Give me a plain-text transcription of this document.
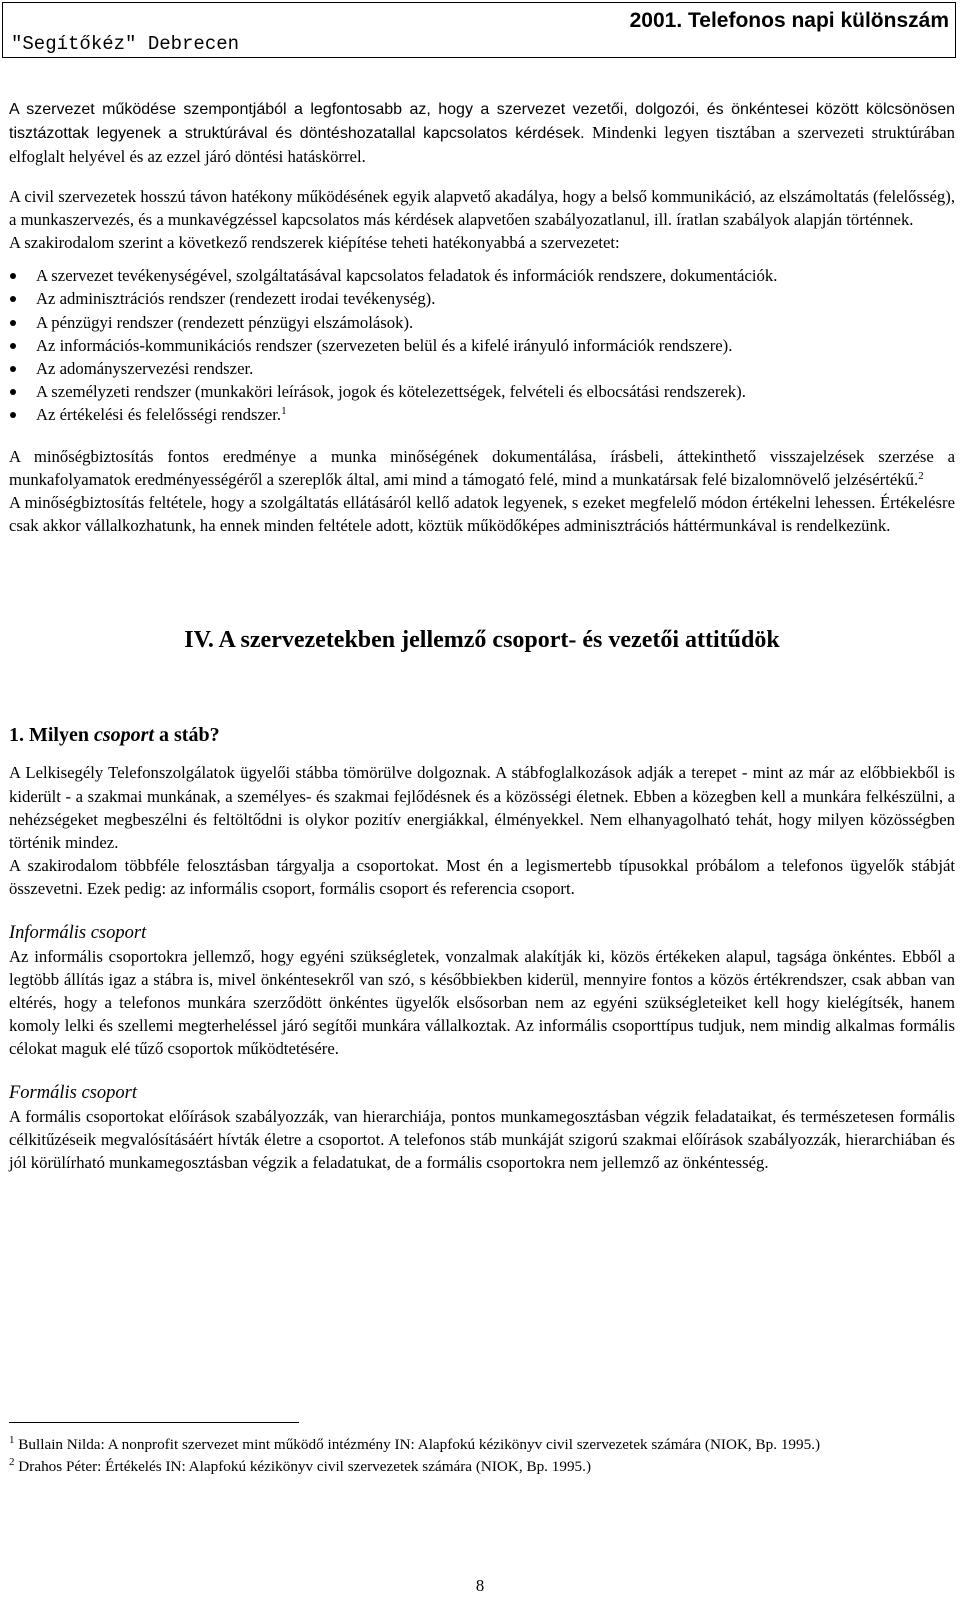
"Segítőkéz" Debrecen
2001. Telefonos napi különszám

A szervezet működése szempontjából a legfontosabb az, hogy a szervezet vezetői, dolgozói, és önkéntesei között kölcsönösen tisztázottak legyenek a struktúrával és döntéshozatallal kapcsolatos kérdések. Mindenki legyen tisztában a szervezeti struktúrában elfoglalt helyével és az ezzel járó döntési hatáskörrel.

A civil szervezetek hosszú távon hatékony működésének egyik alapvető akadálya, hogy a belső kommunikáció, az elszámoltatás (felelősség), a munkaszervezés, és a munkavégzéssel kapcsolatos más kérdések alapvetően szabályozatlanul, ill. íratlan szabályok alapján történnek.

A szakirodalom szerint a következő rendszerek kiépítése teheti hatékonyabbá a szervezetet:

A szervezet tevékenységével, szolgáltatásával kapcsolatos feladatok és információk rendszere, dokumentációk.
Az adminisztrációs rendszer (rendezett irodai tevékenység).
A pénzügyi rendszer (rendezett pénzügyi elszámolások).
Az információs-kommunikációs rendszer (szervezeten belül és a kifelé irányuló információk rendszere).
Az adományszervezési rendszer.
A személyzeti rendszer (munkaköri leírások, jogok és kötelezettségek, felvételi és elbocsátási rendszerek).
Az értékelési és felelősségi rendszer.$^1$

A minőségbiztosítás fontos eredménye a munka minőségének dokumentálása, írásbeli, áttekinthető visszajelzések szerzése a munkafolyamatok eredményességéről a szereplők által, ami mind a támogató felé, mind a munkatársak felé bizalomnövelő jelzésértékű.$^2$

A minőségbiztosítás feltétele, hogy a szolgáltatás ellátásáról kellő adatok legyenek, s ezeket megfelelő módon értékelni lehessen. Értékelésre csak akkor vállalkozhatunk, ha ennek minden feltétele adott, köztük működőképes adminisztrációs háttérmunkával is rendelkezünk.

IV. A szervezetekben jellemző csoport- és vezetői attitűdök
1. Milyen csoport a stáb?

A Lelkisegély Telefonszolgálatok ügyelői stábba tömörülve dolgoznak. A stábfoglalkozások adják a terepet - mint az már az előbbiekből is kiderült - a szakmai munkának, a személyes- és szakmai fejlődésnek és a közösségi életnek. Ebben a közegben kell a munkára felkészülni, a nehézségeket megbeszélni és feltöltődni is olykor pozitív energiákkal, élményekkel. Nem elhanyagolható tehát, hogy milyen közösségben történik mindez.

A szakirodalom többféle felosztásban tárgyalja a csoportokat. Most én a legismertebb típusokkal próbálom a telefonos ügyelők stábját összevetni. Ezek pedig: az informális csoport, formális csoport és referencia csoport.

Informális csoport

Az informális csoportokra jellemző, hogy egyéni szükségletek, vonzalmak alakítják ki, közös értékeken alapul, tagsága önkéntes. Ebből a legtöbb állítás igaz a stábra is, mivel önkéntesekről van szó, s későbbiekben kiderül, mennyire fontos a közös értékrendszer, csak abban van eltérés, hogy a telefonos munkára szerződött önkéntes ügyelők elsősorban nem az egyéni szükségleteiket kell hogy kielégítsék, hanem komoly lelki és szellemi megterheléssel járó segítői munkára vállalkoztak. Az informális csoporttípus tudjuk, nem mindig alkalmas formális célokat maguk elé tűző csoportok működtetésére.

Formális csoport

A formális csoportokat előírások szabályozzák, van hierarchiája, pontos munkamegosztásban végzik feladataikat, és természetesen formális célkitűzéseik megvalósításáért hívták életre a csoportot. A telefonos stáb munkáját szigorú szakmai előírások szabályozzák, hierarchiában és jól körülírható munkamegosztásban végzik a feladatukat, de a formális csoportokra nem jellemző az önkéntesség.

$^1$ Bullain Nilda: A nonprofit szervezet mint működő intézmény IN: Alapfokú kézikönyv civil szervezetek számára (NIOK, Bp. 1995.)

$^2$ Drahos Péter: Értékelés IN: Alapfokú kézikönyv civil szervezetek számára (NIOK, Bp. 1995.)

8
